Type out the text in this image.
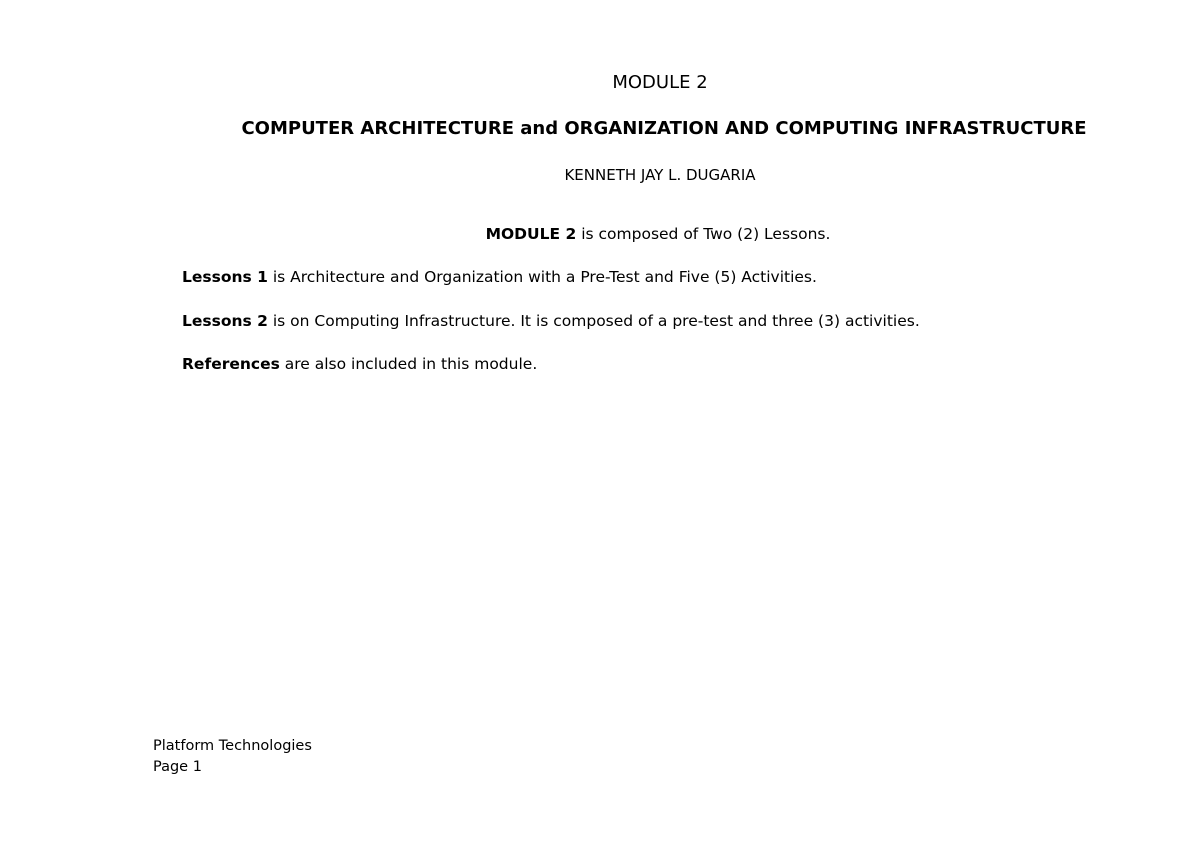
MODULE 2
COMPUTER ARCHITECTURE and ORGANIZATION AND COMPUTING INFRASTRUCTURE
KENNETH JAY L. DUGARIA
MODULE 2 is composed of Two (2) Lessons.
Lessons 1 is Architecture and Organization with a Pre-Test and Five (5) Activities.
Lessons 2 is on Computing Infrastructure. It is composed of a pre-test and three (3) activities.
References are also included in this module.
Platform Technologies
Page 1
